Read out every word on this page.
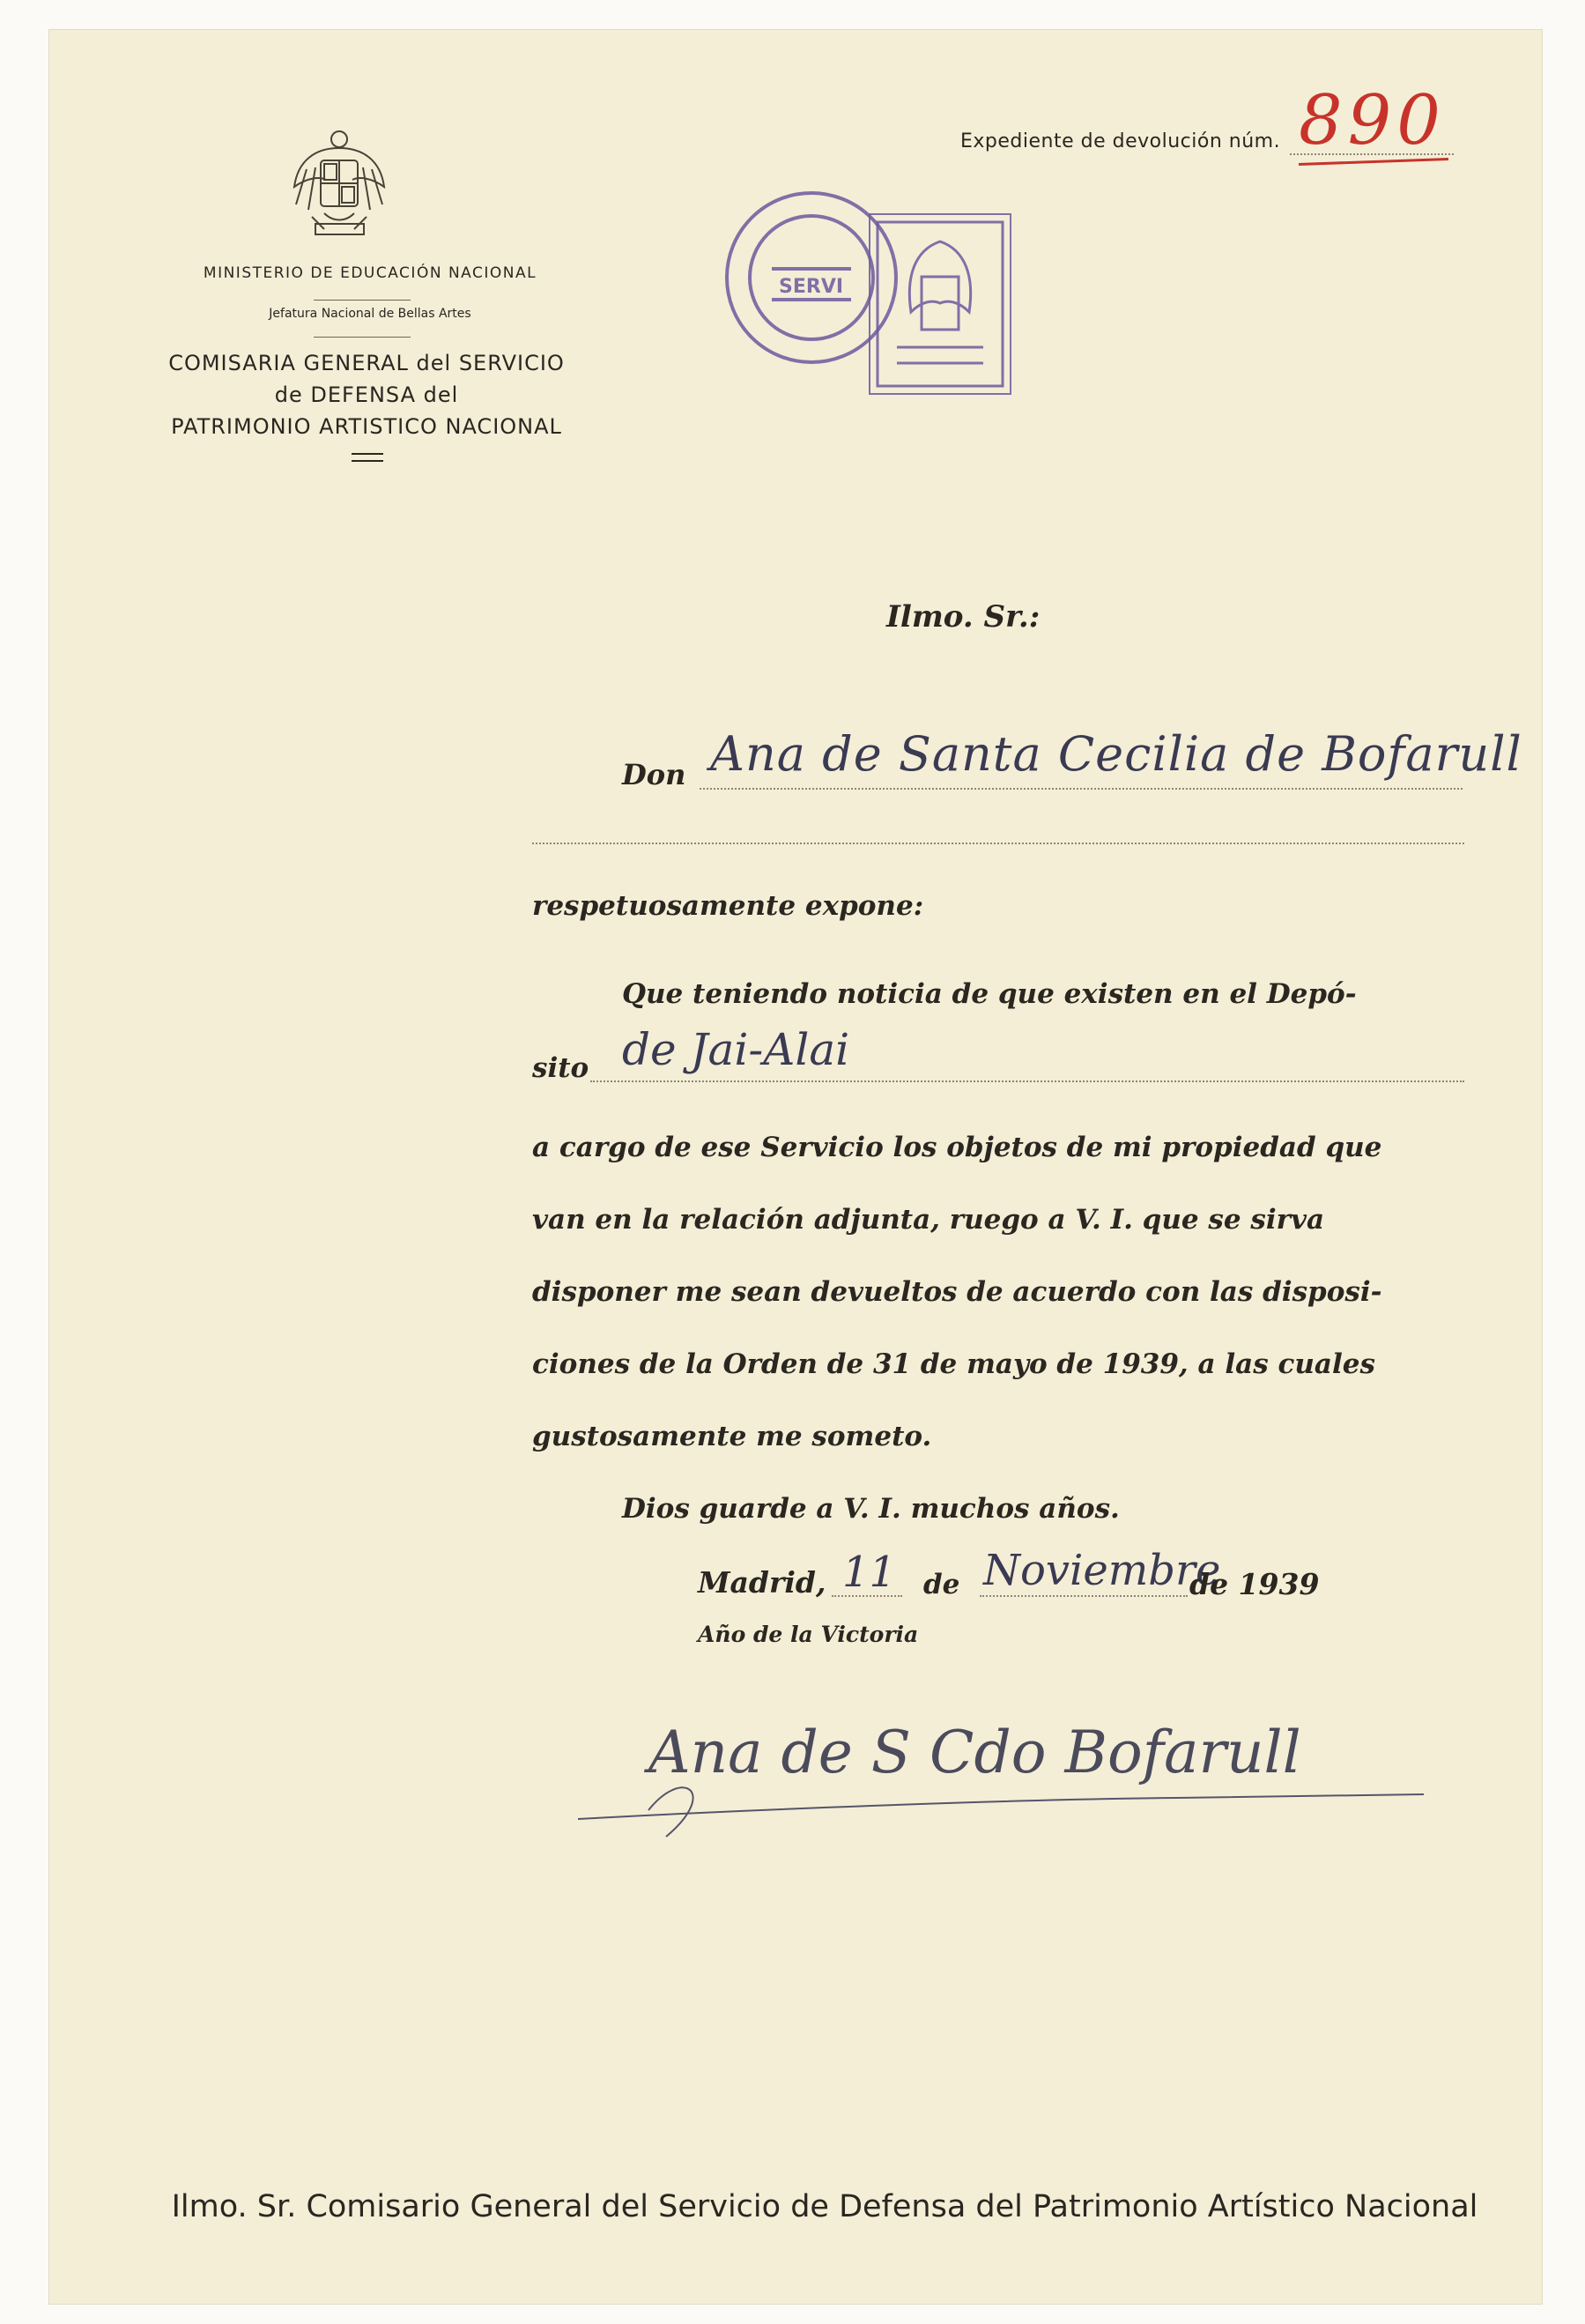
MINISTERIO DE EDUCACIÓN NACIONAL
Jefatura Nacional de Bellas Artes
COMISARIA GENERAL del SERVICIO
de DEFENSA del
PATRIMONIO ARTISTICO NACIONAL
SERVI
Expediente de devolución núm. 890
Ilmo. Sr.:
Don Ana de Santa Cecilia de Bofarull
respetuosamente expone:
Que teniendo noticia de que existen en el Depó-
sito de Jai-Alai
a cargo de ese Servicio los objetos de mi propiedad que
van en la relación adjunta, ruego a V. I. que se sirva
disponer me sean devueltos de acuerdo con las disposi-
ciones de la Orden de 31 de mayo de 1939, a las cuales
gustosamente me someto.
Dios guarde a V. I. muchos años.
Madrid, 11 de Noviembre
de 1939
Año de la Victoria
Ana de S Cdo Bofarull
Ilmo. Sr. Comisario General del Servicio de Defensa del Patrimonio Artístico Nacional
